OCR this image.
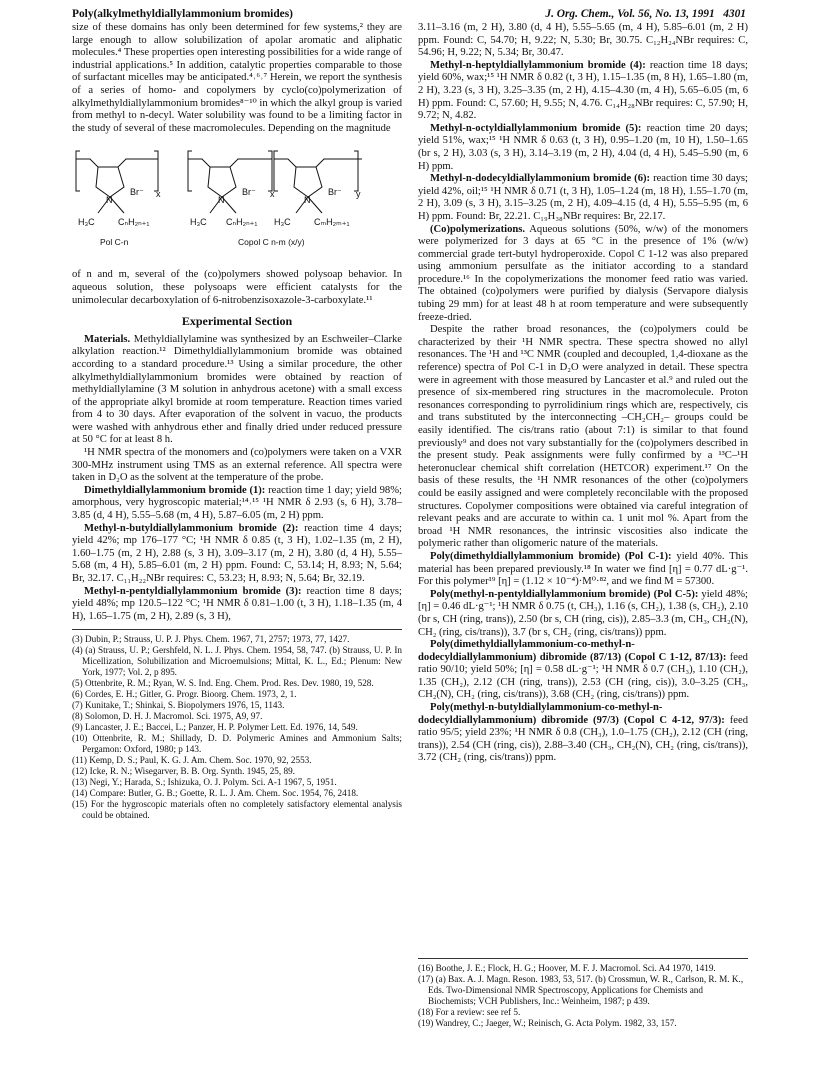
Poly(alkylmethyldiallylammonium bromides)	J. Org. Chem., Vol. 56, No. 13, 1991 4301

size of these domains has only been determined for few systems,² they are large enough to allow solubilization of apolar aromatic and aliphatic molecules.⁴ These properties open interesting possibilities for a wide range of industrial applications.⁵ In addition, catalytic properties comparable to those of surfactant micelles may be anticipated.⁴˒⁶˒⁷ Herein, we report the synthesis of a series of homo- and copolymers by cyclo(co)polymerization of alkylmethyldiallylammonium bromides⁸⁻¹⁰ in which the alkyl group is varied from methyl to n-decyl. Water solubility was found to be a limiting factor in the study of several of these macromolecules. Depending on the magnitude

x	x	y
N
Br⁻
H₃C	CₙH₂ₙ₊₁
N
Br⁻
H₃C CₙH₂ₙ₊₁
N
Br⁻
H₃C	CₘH₂ₘ₊₁
Pol C-n	Copol C n-m (x/y)

of n and m, several of the (co)polymers showed polysoap behavior. In aqueous solution, these polysoaps were efficient catalysts for the unimolecular decarboxylation of 6-nitrobenzisoxazole-3-carboxylate.¹¹

Experimental Section

Materials. Methyldiallylamine was synthesized by an Eschweiler–Clarke alkylation reaction.¹² Dimethyldiallylammonium bromide was obtained according to a standard procedure.¹³ Using a similar procedure, the other alkylmethyldiallylammonium bromides were obtained by reaction of methyldiallylamine (3 M solution in anhydrous acetone) with a small excess of the appropriate alkyl bromide at room temperature. Reaction times varied from 4 to 30 days. After evaporation of the solvent in vacuo, the products were washed with anhydrous ether and finally dried under reduced pressure at 50 °C for at least 8 h.

¹H NMR spectra of the monomers and (co)polymers were taken on a VXR 300-MHz instrument using TMS as an external reference. All spectra were taken in D₂O as the solvent at the temperature of the probe.

Dimethyldiallylammonium bromide (1): reaction time 1 day; yield 98%; amorphous, very hygroscopic material;¹⁴˒¹⁵ ¹H NMR δ 2.93 (s, 6 H), 3.78–3.85 (d, 4 H), 5.55–5.68 (m, 4 H), 5.87–6.05 (m, 2 H) ppm.

Methyl-n-butyldiallylammonium bromide (2): reaction time 4 days; yield 42%; mp 176–177 °C; ¹H NMR δ 0.85 (t, 3 H), 1.02–1.35 (m, 2 H), 1.60–1.75 (m, 2 H), 2.88 (s, 3 H), 3.09–3.17 (m, 2 H), 3.80 (d, 4 H), 5.55–5.68 (m, 4 H), 5.85–6.01 (m, 2 H) ppm. Found: C, 53.14; H, 8.93; N, 5.64; Br, 32.17. C₁₁H₂₂NBr requires: C, 53.23; H, 8.93; N, 5.64; Br, 32.19.

Methyl-n-pentyldiallylammonium bromide (3): reaction time 8 days; yield 48%; mp 120.5–122 °C; ¹H NMR δ 0.81–1.00 (t, 3 H), 1.18–1.35 (m, 4 H), 1.65–1.75 (m, 2 H), 2.89 (s, 3 H),

(3) Dubin, P.; Strauss, U. P. J. Phys. Chem. 1967, 71, 2757; 1973, 77, 1427.
(4) (a) Strauss, U. P.; Gershfeld, N. L. J. Phys. Chem. 1954, 58, 747. (b) Strauss, U. P. In Micellization, Solubilization and Microemulsions; Mittal, K. L., Ed.; Plenum: New York, 1977; Vol. 2, p 895.
(5) Ottenbrite, R. M.; Ryan, W. S. Ind. Eng. Chem. Prod. Res. Dev. 1980, 19, 528.
(6) Cordes, E. H.; Gitler, G. Progr. Bioorg. Chem. 1973, 2, 1.
(7) Kunitake, T.; Shinkai, S. Biopolymers 1976, 15, 1143.
(8) Solomon, D. H. J. Macromol. Sci. 1975, A9, 97.
(9) Lancaster, J. E.; Baccei, L.; Panzer, H. P. Polymer Lett. Ed. 1976, 14, 549.
(10) Ottenbrite, R. M.; Shillady, D. D. Polymeric Amines and Ammonium Salts; Pergamon: Oxford, 1980; p 143.
(11) Kemp, D. S.; Paul, K. G. J. Am. Chem. Soc. 1970, 92, 2553.
(12) Icke, R. N.; Wisegarver, B. B. Org. Synth. 1945, 25, 89.
(13) Negi, Y.; Harada, S.; Ishizuka, O. J. Polym. Sci. A-1 1967, 5, 1951.
(14) Compare: Butler, G. B.; Goette, R. L. J. Am. Chem. Soc. 1954, 76, 2418.
(15) For the hygroscopic materials often no completely satisfactory elemental analysis could be obtained.

3.11–3.16 (m, 2 H), 3.80 (d, 4 H), 5.55–5.65 (m, 4 H), 5.85–6.01 (m, 2 H) ppm. Found: C, 54.70; H, 9.22; N, 5.30; Br, 30.75. C₁₂H₂₄NBr requires: C, 54.96; H, 9.22; N, 5.34; Br, 30.47.

Methyl-n-heptyldiallylammonium bromide (4): reaction time 18 days; yield 60%, wax;¹⁵ ¹H NMR δ 0.82 (t, 3 H), 1.15–1.35 (m, 8 H), 1.65–1.80 (m, 2 H), 3.23 (s, 3 H), 3.25–3.35 (m, 2 H), 4.15–4.30 (m, 4 H), 5.65–6.05 (m, 6 H) ppm. Found: C, 57.60; H, 9.55; N, 4.76. C₁₄H₂₈NBr requires: C, 57.90; H, 9.72; N, 4.82.

Methyl-n-octyldiallylammonium bromide (5): reaction time 20 days; yield 51%, wax;¹⁵ ¹H NMR δ 0.63 (t, 3 H), 0.95–1.20 (m, 10 H), 1.50–1.65 (br s, 2 H), 3.03 (s, 3 H), 3.14–3.19 (m, 2 H), 4.04 (d, 4 H), 5.45–5.90 (m, 6 H) ppm.

Methyl-n-dodecyldiallylammonium bromide (6): reaction time 30 days; yield 42%, oil;¹⁵ ¹H NMR δ 0.71 (t, 3 H), 1.05–1.24 (m, 18 H), 1.55–1.70 (m, 2 H), 3.09 (s, 3 H), 3.15–3.25 (m, 2 H), 4.09–4.15 (d, 4 H), 5.55–5.95 (m, 6 H) ppm. Found: Br, 22.21. C₁₉H₃₈NBr requires: Br, 22.17.

(Co)polymerizations. Aqueous solutions (50%, w/w) of the monomers were polymerized for 3 days at 65 °C in the presence of 1% (w/w) commercial grade tert-butyl hydroperoxide. Copol C 1-12 was also prepared using ammonium persulfate as the initiator according to a standard procedure.¹⁶ In the copolymerizations the monomer feed ratio was varied. The obtained (co)polymers were purified by dialysis (Servapore dialysis tubing 29 mm) for at least 48 h at room temperature and were subsequently freeze-dried.

Despite the rather broad resonances, the (co)polymers could be characterized by their ¹H NMR spectra. These spectra showed no allyl resonances. The ¹H and ¹³C NMR (coupled and decoupled, 1,4-dioxane as the reference) spectra of Pol C-1 in D₂O were analyzed in detail. These spectra were in agreement with those measured by Lancaster et al.⁹ and ruled out the presence of six-membered ring structures in the macromolecule. Proton resonances corresponding to pyrrolidinium rings which are, respectively, cis and trans substituted by the interconnecting –CH₂CH₂– groups could be easily identified. The cis/trans ratio (about 7:1) is similar to that found previously⁹ and does not vary substantially for the (co)polymers described in the present study. Peak assignments were fully confirmed by a ¹³C–¹H heteronuclear chemical shift correlation (HETCOR) experiment.¹⁷ On the basis of these results, the ¹H NMR resonances of the other (co)polymers could be easily assigned and were completely reconcilable with the proposed structures. Copolymer compositions were obtained via careful integration of relevant peaks and are accurate to within ca. 1 unit mol %. Apart from the broad ¹H NMR resonances, the intrinsic viscosities also indicate the polymeric rather than oligomeric nature of the materials.

Poly(dimethyldiallylammonium bromide) (Pol C-1): yield 40%. This material has been prepared previously.¹⁸ In water we find [η] = 0.77 dL·g⁻¹. For this polymer¹⁹ [η] = (1.12 × 10⁻⁴)·M⁰·⁸², and we find M = 57300.

Poly(methyl-n-pentyldiallylammonium bromide) (Pol C-5): yield 48%; [η] = 0.46 dL·g⁻¹; ¹H NMR δ 0.75 (t, CH₃), 1.16 (s, CH₂), 1.38 (s, CH₂), 2.10 (br s, CH (ring, trans)), 2.50 (br s, CH (ring, cis)), 2.85–3.3 (m, CH₃, CH₂(N), CH₂ (ring, cis/trans)), 3.7 (br s, CH₂ (ring, cis/trans)) ppm.

Poly(dimethyldiallylammonium-co-methyl-n-dodecyldiallylammonium) dibromide (87/13) (Copol C 1-12, 87/13): feed ratio 90/10; yield 50%; [η] = 0.58 dL·g⁻¹; ¹H NMR δ 0.7 (CH₃), 1.10 (CH₂), 1.35 (CH₂), 2.12 (CH (ring, trans)), 2.53 (CH (ring, cis)), 3.0–3.25 (CH₃, CH₂(N), CH₂ (ring, cis/trans)), 3.68 (CH₂ (ring, cis/trans)) ppm.

Poly(methyl-n-butyldiallylammonium-co-methyl-n-dodecyldiallylammonium) dibromide (97/3) (Copol C 4-12, 97/3): feed ratio 95/5; yield 23%; ¹H NMR δ 0.8 (CH₃), 1.0–1.75 (CH₂), 2.12 (CH (ring, trans)), 2.54 (CH (ring, cis)), 2.88–3.40 (CH₃, CH₂(N), CH₂ (ring, cis/trans)), 3.72 (CH₂ (ring, cis/trans)) ppm.

(16) Boothe, J. E.; Flock, H. G.; Hoover, M. F. J. Macromol. Sci. A4 1970, 1419.
(17) (a) Bax. A. J. Magn. Reson. 1983, 53, 517. (b) Crossmun, W. R., Carlson, R. M. K., Eds. Two-Dimensional NMR Spectroscopy, Applications for Chemists and Biochemists; VCH Publishers, Inc.: Weinheim, 1987; p 439.
(18) For a review: see ref 5.
(19) Wandrey, C.; Jaeger, W.; Reinisch, G. Acta Polym. 1982, 33, 157.
